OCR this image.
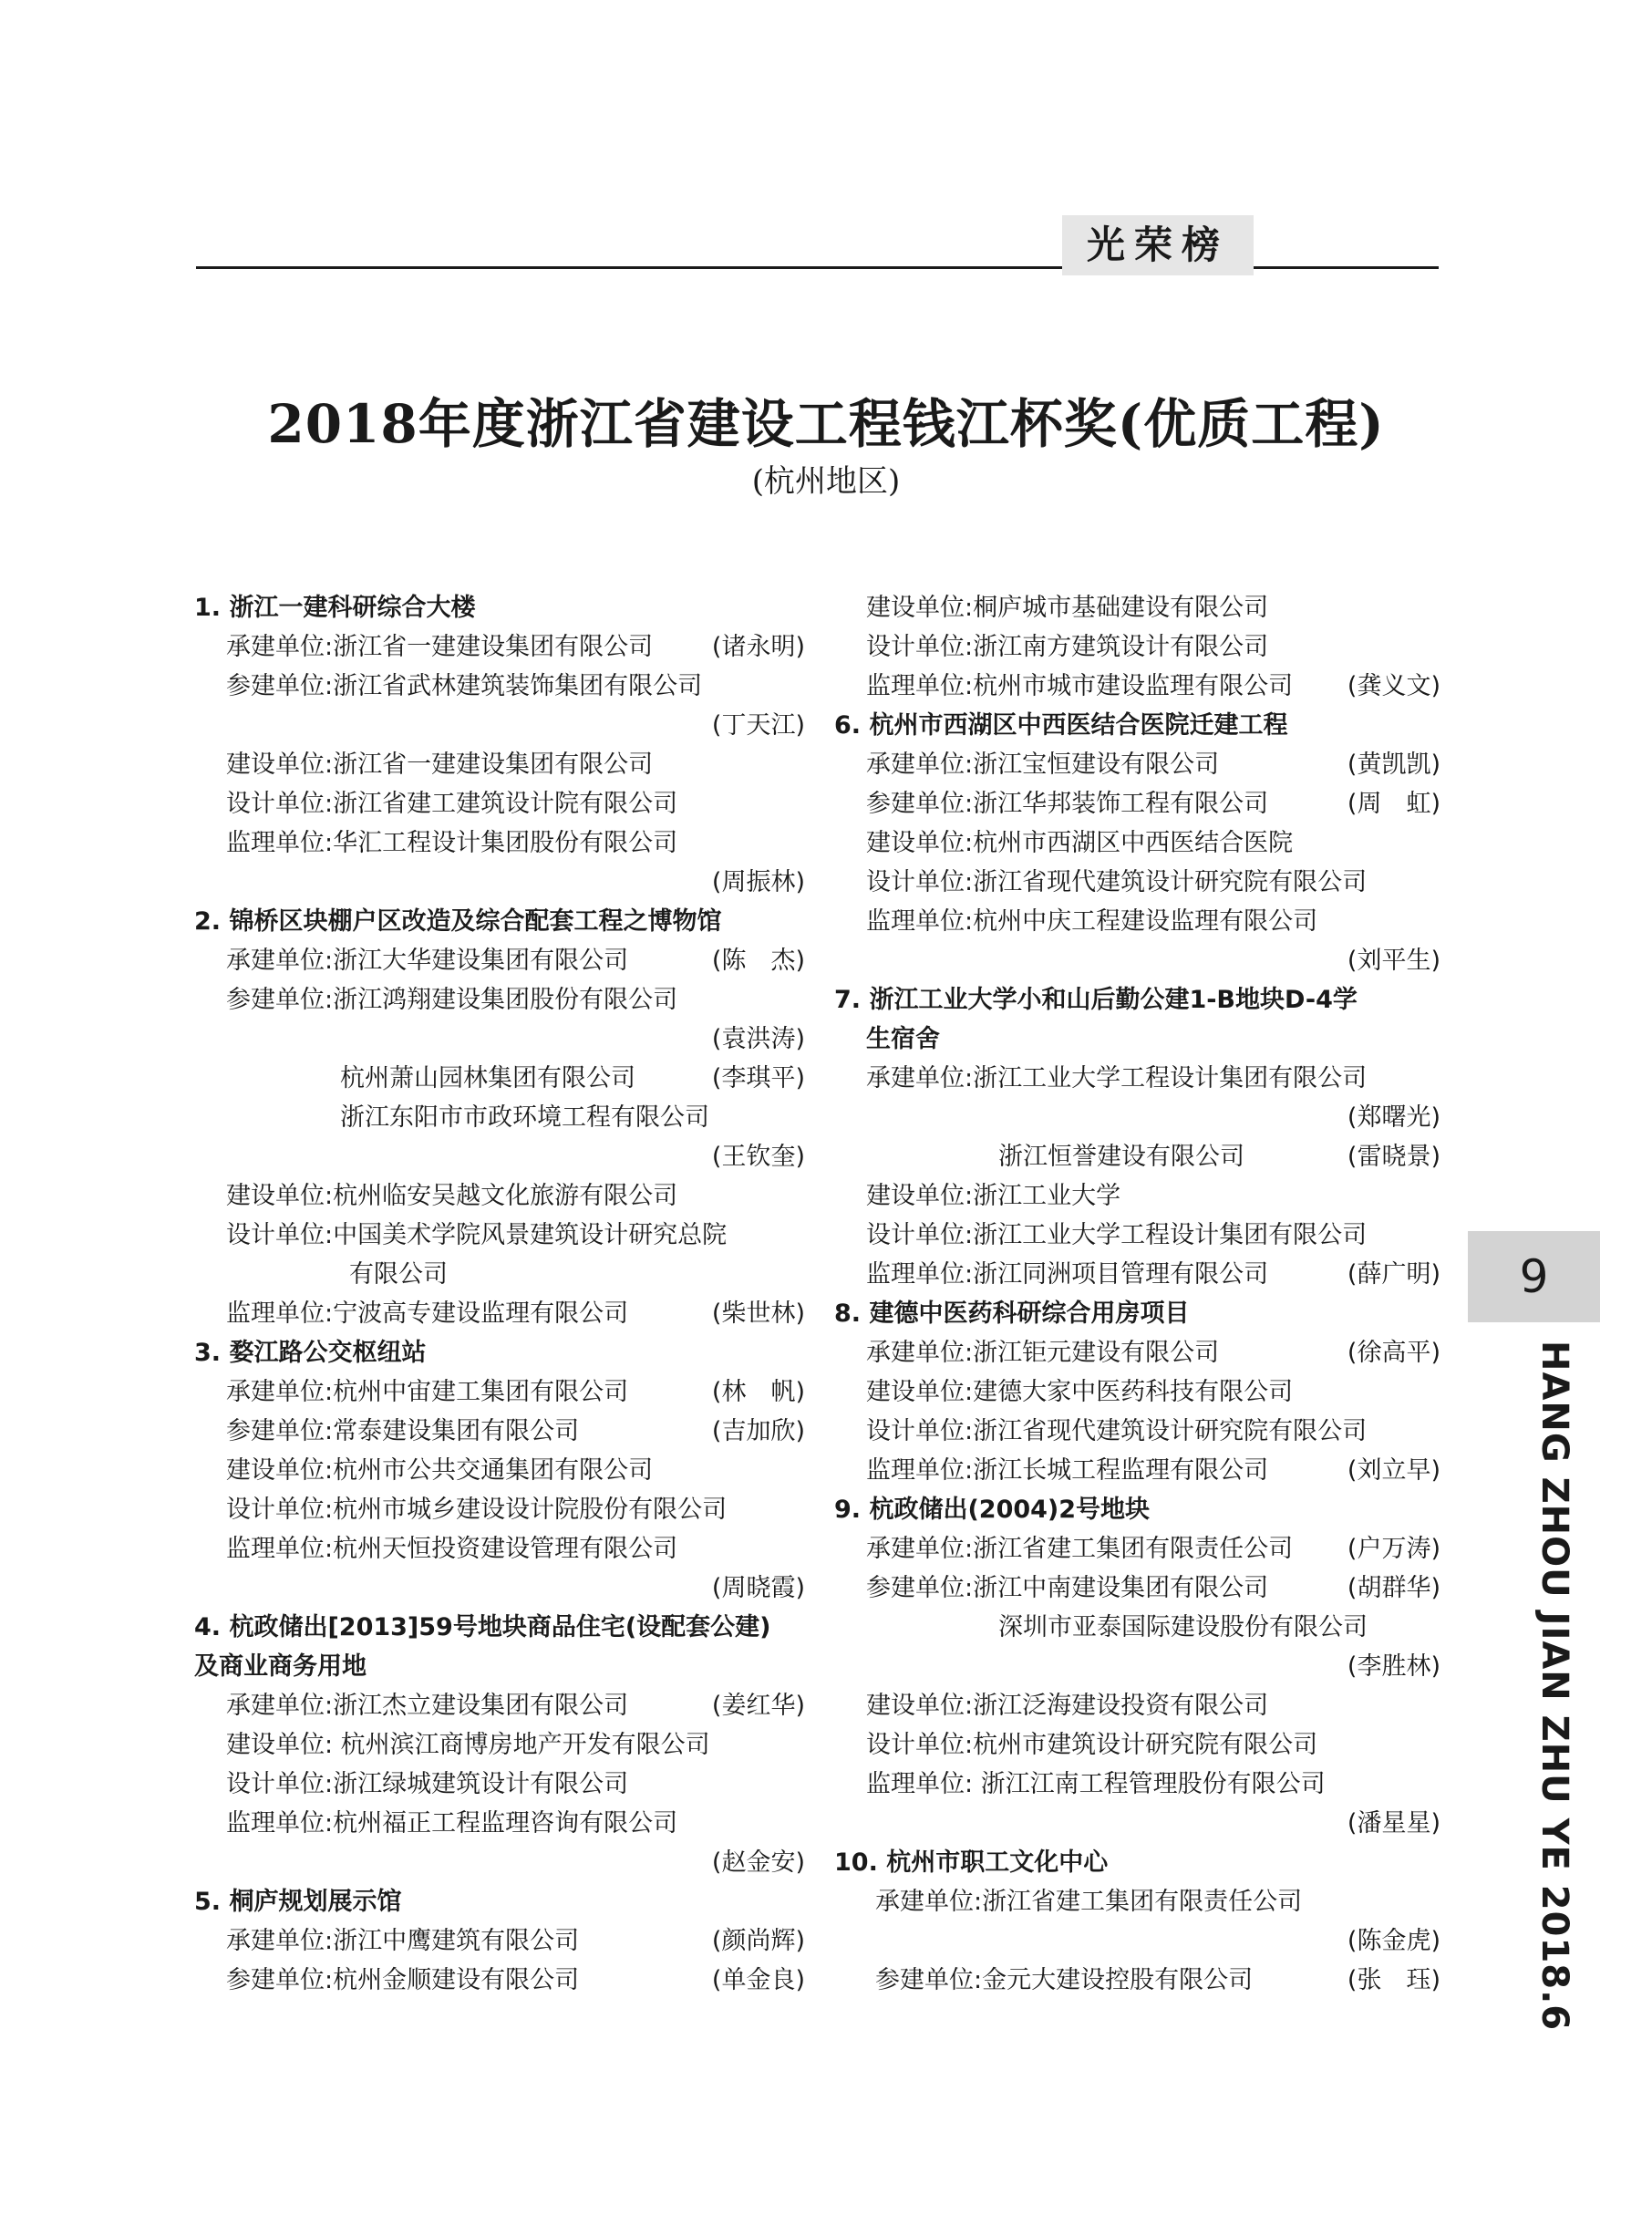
光荣榜
2018年度浙江省建设工程钱江杯奖(优质工程)
(杭州地区)
1. 浙江一建科研综合大楼
承建单位:浙江省一建建设集团有限公司 (诸永明)
参建单位:浙江省武林建筑装饰集团有限公司
(丁天江)
建设单位:浙江省一建建设集团有限公司
设计单位:浙江省建工建筑设计院有限公司
监理单位:华汇工程设计集团股份有限公司
(周振林)
2. 锦桥区块棚户区改造及综合配套工程之博物馆
承建单位:浙江大华建设集团有限公司	(陈　杰)
参建单位:浙江鸿翔建设集团股份有限公司
(袁洪涛)
杭州萧山园林集团有限公司	(李琪平)
浙江东阳市市政环境工程有限公司
(王钦奎)
建设单位:杭州临安吴越文化旅游有限公司
设计单位:中国美术学院风景建筑设计研究总院
有限公司
监理单位:宁波高专建设监理有限公司	(柴世林)
3. 婺江路公交枢纽站
承建单位:杭州中宙建工集团有限公司	(林　帆)
参建单位:常泰建设集团有限公司	(吉加欣)
建设单位:杭州市公共交通集团有限公司
设计单位:杭州市城乡建设设计院股份有限公司
监理单位:杭州天恒投资建设管理有限公司
(周晓霞)
4. 杭政储出[2013]59号地块商品住宅(设配套公建)
及商业商务用地
承建单位:浙江杰立建设集团有限公司	(姜红华)
建设单位: 杭州滨江商博房地产开发有限公司
设计单位:浙江绿城建筑设计有限公司
监理单位:杭州福正工程监理咨询有限公司
(赵金安)
5. 桐庐规划展示馆
承建单位:浙江中鹰建筑有限公司	(颜尚辉)
参建单位:杭州金顺建设有限公司	(单金良)
建设单位:桐庐城市基础建设有限公司
设计单位:浙江南方建筑设计有限公司
监理单位:杭州市城市建设监理有限公司 (龚义文)
6. 杭州市西湖区中西医结合医院迁建工程
承建单位:浙江宝恒建设有限公司	(黄凯凯)
参建单位:浙江华邦装饰工程有限公司	(周　虹)
建设单位:杭州市西湖区中西医结合医院
设计单位:浙江省现代建筑设计研究院有限公司
监理单位:杭州中庆工程建设监理有限公司
(刘平生)
7. 浙江工业大学小和山后勤公建1-B地块D-4学
生宿舍
承建单位:浙江工业大学工程设计集团有限公司
(郑曙光)
浙江恒誉建设有限公司	(雷晓景)
建设单位:浙江工业大学
设计单位:浙江工业大学工程设计集团有限公司
监理单位:浙江同洲项目管理有限公司	(薛广明)
8. 建德中医药科研综合用房项目
承建单位:浙江钜元建设有限公司	(徐高平)
建设单位:建德大家中医药科技有限公司
设计单位:浙江省现代建筑设计研究院有限公司
监理单位:浙江长城工程监理有限公司	(刘立早)
9. 杭政储出(2004)2号地块
承建单位:浙江省建工集团有限责任公司 (户万涛)
参建单位:浙江中南建设集团有限公司	(胡群华)
深圳市亚泰国际建设股份有限公司
(李胜林)
建设单位:浙江泛海建设投资有限公司
设计单位:杭州市建筑设计研究院有限公司
监理单位: 浙江江南工程管理股份有限公司
(潘星星)
10. 杭州市职工文化中心
承建单位:浙江省建工集团有限责任公司
(陈金虎)
参建单位:金元大建设控股有限公司	(张　珏)
9
HANG ZHOU JIAN ZHU YE 2018.6
